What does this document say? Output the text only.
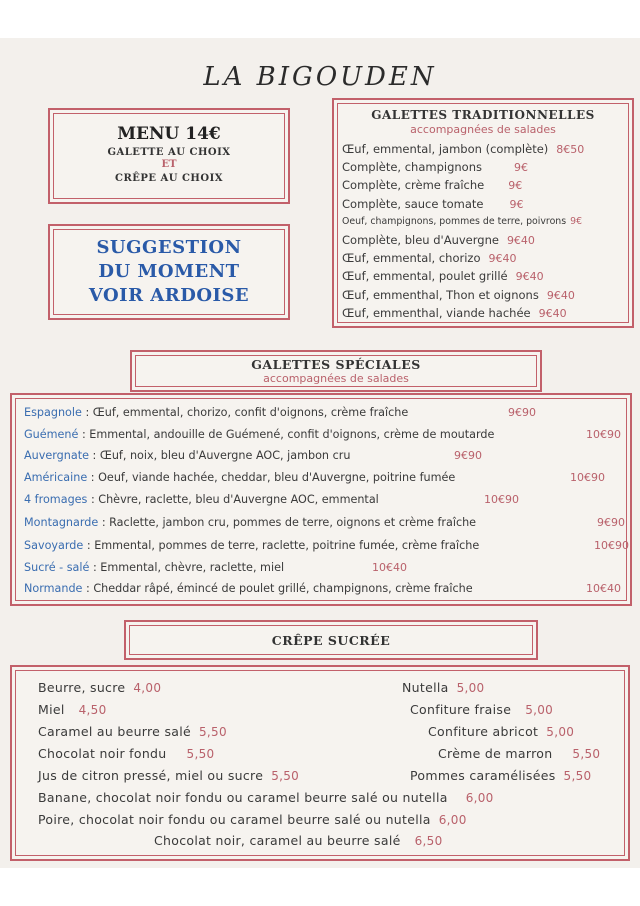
LA BIGOUDEN
MENU 14€
GALETTE AU CHOIX
ET
CRÊPE AU CHOIX
SUGGESTION
DU MOMENT
VOIR ARDOISE
GALETTES TRADITIONNELLES
accompagnées de salades
Œuf, emmental, jambon (complète) 8€50
Complète, champignons	9€
Complète, crème fraîche 9€
Complète, sauce tomate 9€
Oeuf, champignons, pommes de terre, poivrons 9€
Complète, bleu d'Auvergne 9€40
Œuf, emmental, chorizo 9€40
Œuf, emmental, poulet grillé 9€40
Œuf, emmenthal, Thon et oignons 9€40
Œuf, emmenthal, viande hachée 9€40
GALETTES SPÉCIALES
accompagnées de salades
Espagnole : Œuf, emmental, chorizo, confit d'oignons, crème fraîche	9€90
Guémené : Emmental, andouille de Guémené, confit d'oignons, crème de moutarde	10€90
Auvergnate : Œuf, noix, bleu d'Auvergne AOC, jambon cru	9€90
Américaine : Oeuf, viande hachée, cheddar, bleu d'Auvergne, poitrine fumée	10€90
4 fromages : Chèvre, raclette, bleu d'Auvergne AOC, emmental	10€90
Montagnarde : Raclette, jambon cru, pommes de terre, oignons et crème fraîche	9€90
Savoyarde : Emmental, pommes de terre, raclette, poitrine fumée, crème fraîche	10€90
Sucré - salé : Emmental, chèvre, raclette, miel	10€40
Normande : Cheddar râpé, émincé de poulet grillé, champignons, crème fraîche	10€40
CRÊPE SUCRÉE
Beurre, sucre 4,00
Miel 4,50
Caramel au beurre salé 5,50
Chocolat noir fondu 5,50
Jus de citron pressé, miel ou sucre 5,50
Nutella 5,00
Confiture fraise 5,00
Confiture abricot 5,00
Crème de marron 5,50
Pommes caramélisées 5,50
Banane, chocolat noir fondu ou caramel beurre salé ou nutella 6,00
Poire, chocolat noir fondu ou caramel beurre salé ou nutella 6,00
Chocolat noir, caramel au beurre salé 6,50
